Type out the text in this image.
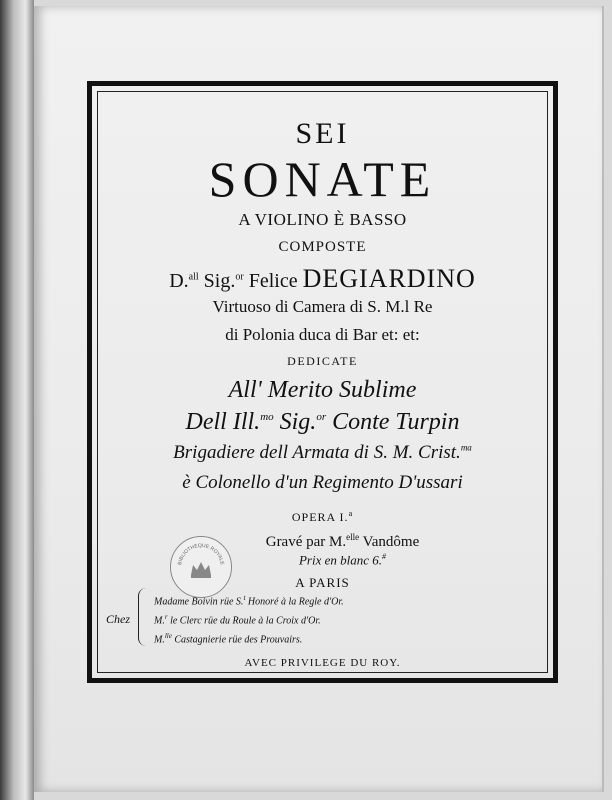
SEI
SONATE
A VIOLINO È BASSO
COMPOSTE
D.$^{all}$ Sig.$^{or}$ Felice DEGIARDINO
Virtuoso di Camera di S. M.l Re
di Polonia duca di Bar et: et:
DEDICATE
All' Merito Sublime
Dell Ill.$^{mo}$ Sig.$^{or}$ Conte Turpin
Brigadiere dell Armata di S. M. Crist.$^{ma}$
è Colonello d'un Regimento D'ussari
OPERA I.$^a$
Gravé par M.$^{elle}$ Vandôme
Prix en blanc 6.#
A PARIS
Chez
Madame Boivin rüe S.$^t$ Honoré à la Regle d'Or.
M.$^r$ le Clerc rüe du Roule à la Croix d'Or.
M.$^{lle}$ Castagnierie rüe des Prouvairs.
AVEC PRIVILEGE DU ROY.
BIBLIOTHEQUE ROYALE
